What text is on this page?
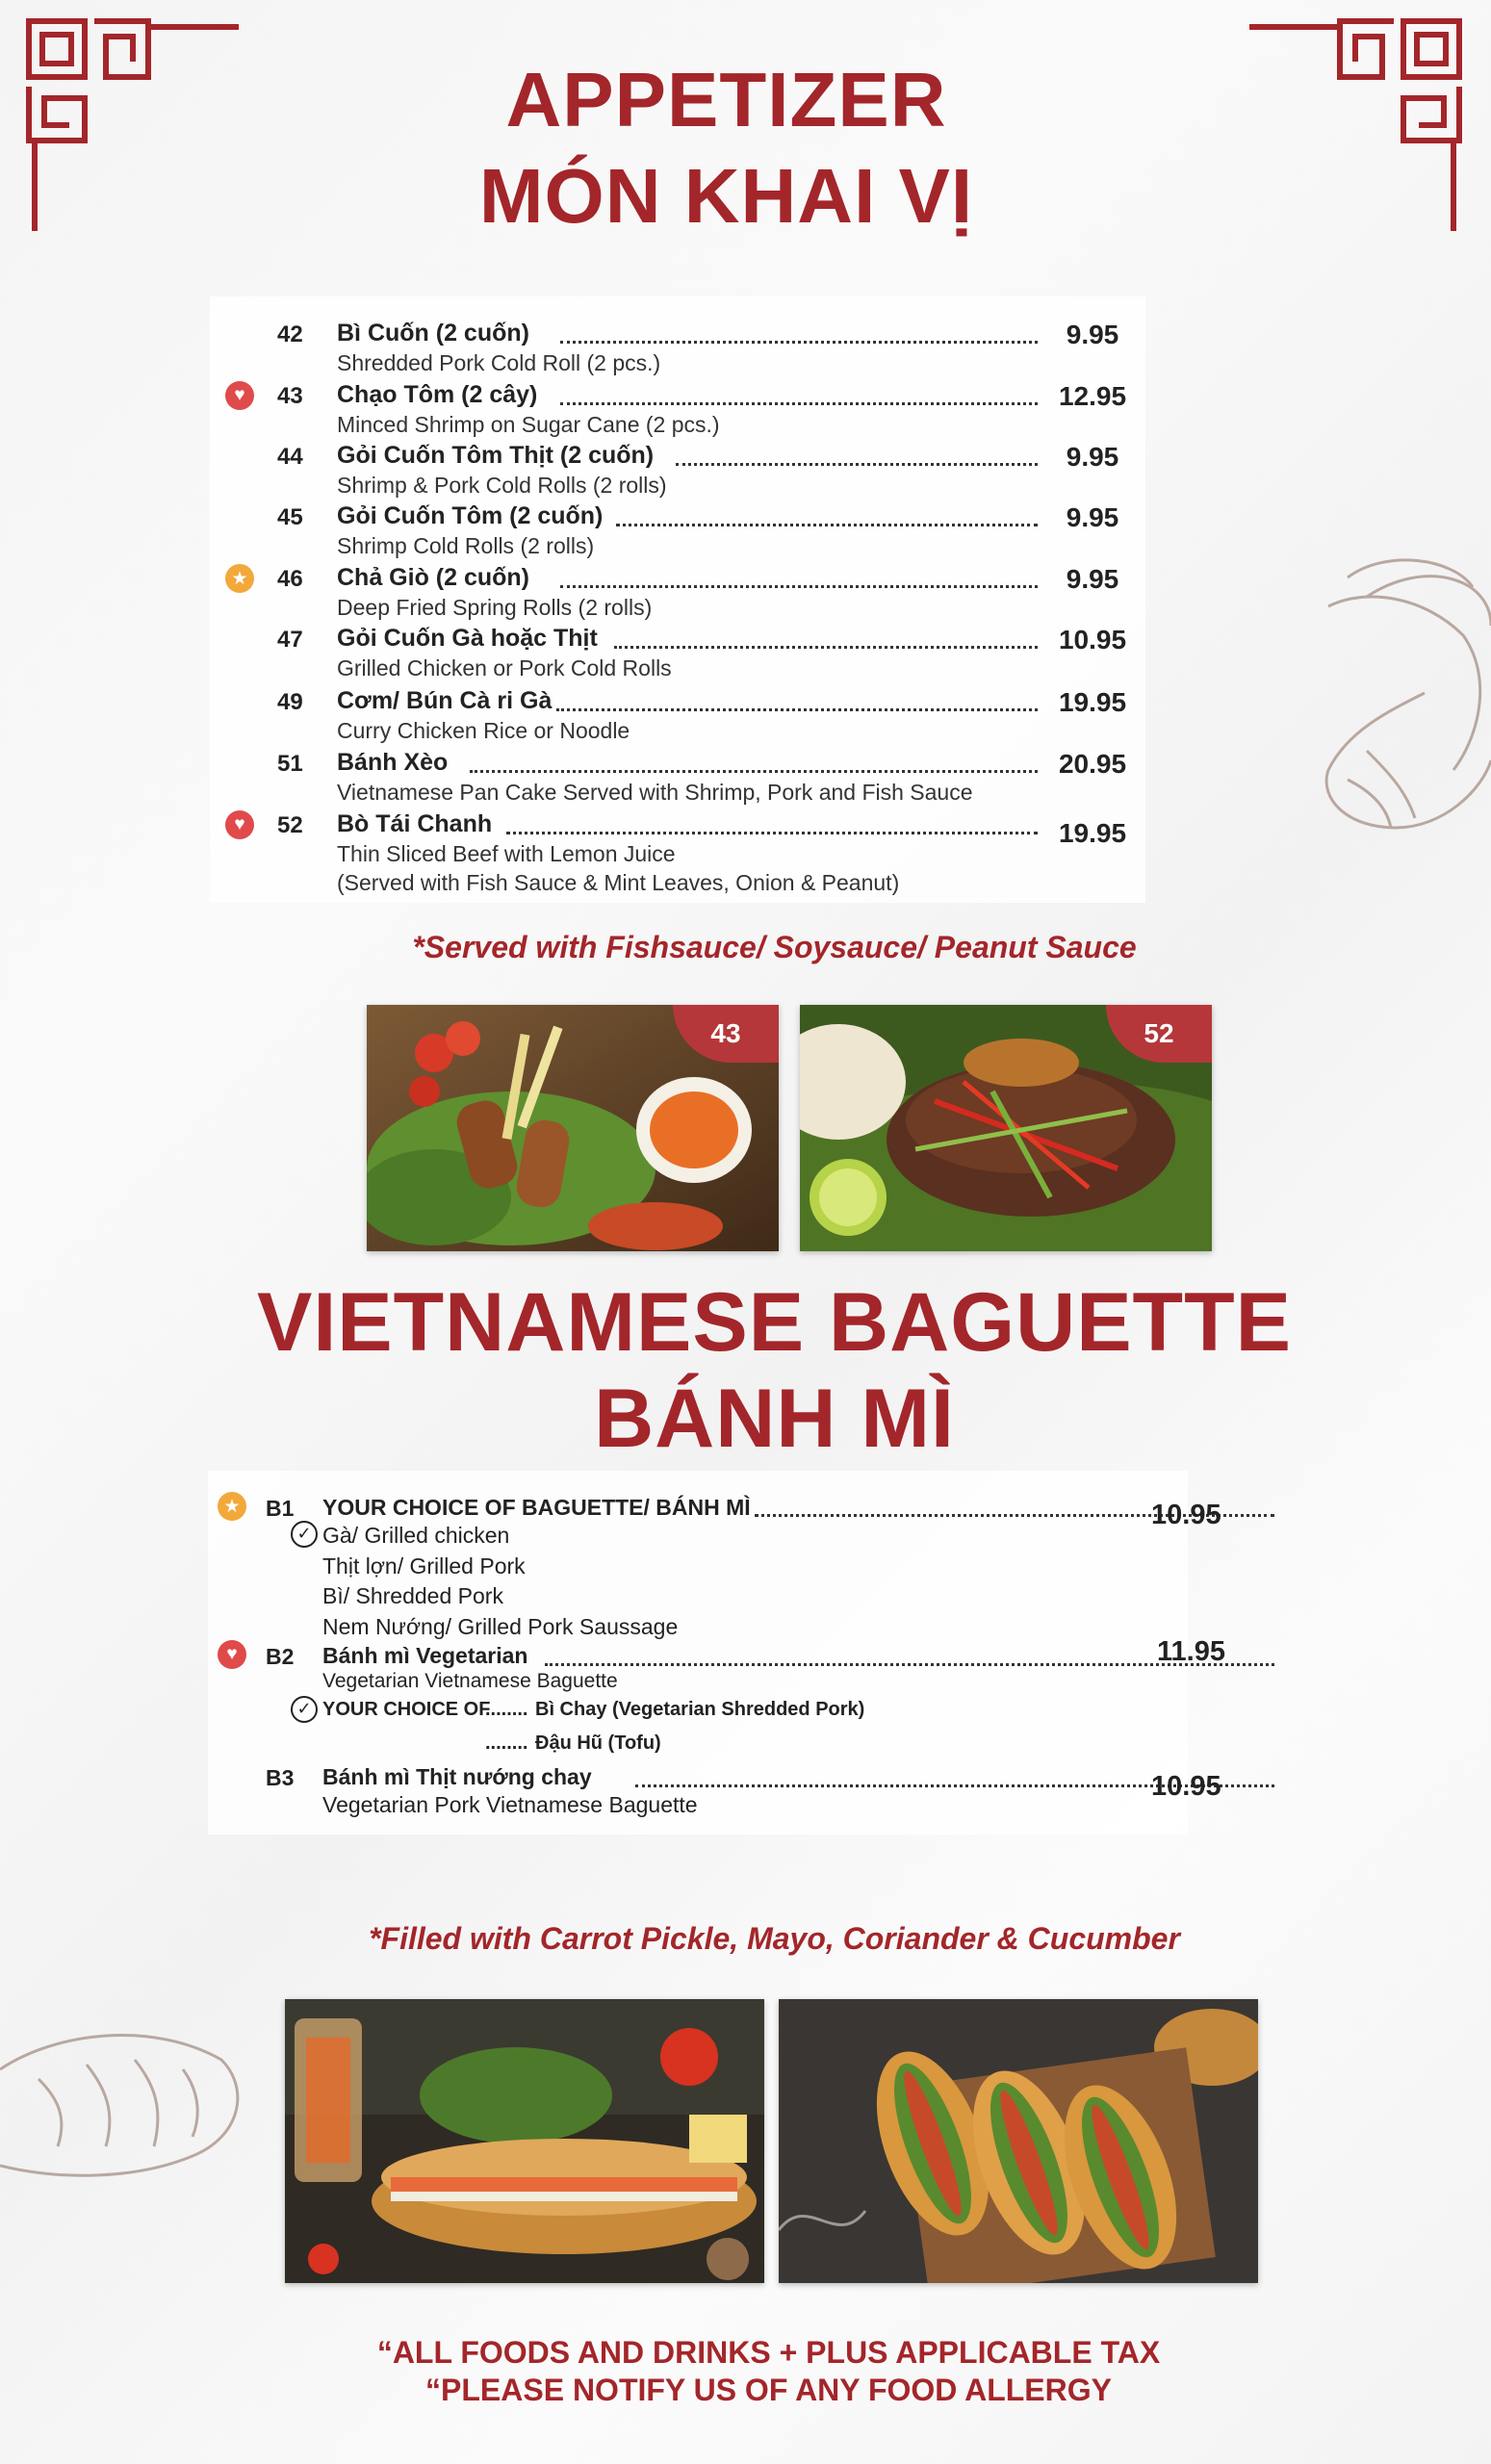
APPETIZER
MÓN KHAI VỊ
42 Bì Cuốn (2 cuốn)	9.95
Shredded Pork Cold Roll (2 pcs.)
♥	43 Chạo Tôm (2 cây)	12.95
Minced Shrimp on Sugar Cane (2 pcs.)
44 Gỏi Cuốn Tôm Thịt (2 cuốn)	9.95
Shrimp & Pork Cold Rolls (2 rolls)
45 Gỏi Cuốn Tôm (2 cuốn)	9.95
Shrimp Cold Rolls (2 rolls)
★ 46 Chả Giò (2 cuốn)	9.95
Deep Fried Spring Rolls (2 rolls)
47 Gỏi Cuốn Gà hoặc Thịt	10.95
Grilled Chicken or Pork Cold Rolls
49 Cơm/ Bún Cà ri Gà	19.95
Curry Chicken Rice or Noodle
51 Bánh Xèo	20.95
Vietnamese Pan Cake Served with Shrimp, Pork and Fish Sauce
♥	52 Bò Tái Chanh	19.95
Thin Sliced Beef with Lemon Juice
(Served with Fish Sauce & Mint Leaves, Onion & Peanut)
*Served with Fishsauce/ Soysauce/ Peanut Sauce
43	52
VIETNAMESE BAGUETTE
BÁNH MÌ
★ B1 YOUR CHOICE OF BAGUETTE/ BÁNH MÌ	10.95
✓ Gà/ Grilled chicken
Thịt lợn/ Grilled Pork
Bì/ Shredded Pork
Nem Nướng/ Grilled Pork Saussage
♥	B2 Bánh mì Vegetarian	11.95
Vegetarian Vietnamese Baguette
✓ YOUR CHOICE OF
........ Bì Chay (Vegetarian Shredded Pork)
........ Đậu Hũ (Tofu)
B3 Bánh mì Thịt nướng chay	10.95
Vegetarian Pork Vietnamese Baguette
*Filled with Carrot Pickle, Mayo, Coriander & Cucumber
“ALL FOODS AND DRINKS + PLUS APPLICABLE TAX
“PLEASE NOTIFY US OF ANY FOOD ALLERGY
